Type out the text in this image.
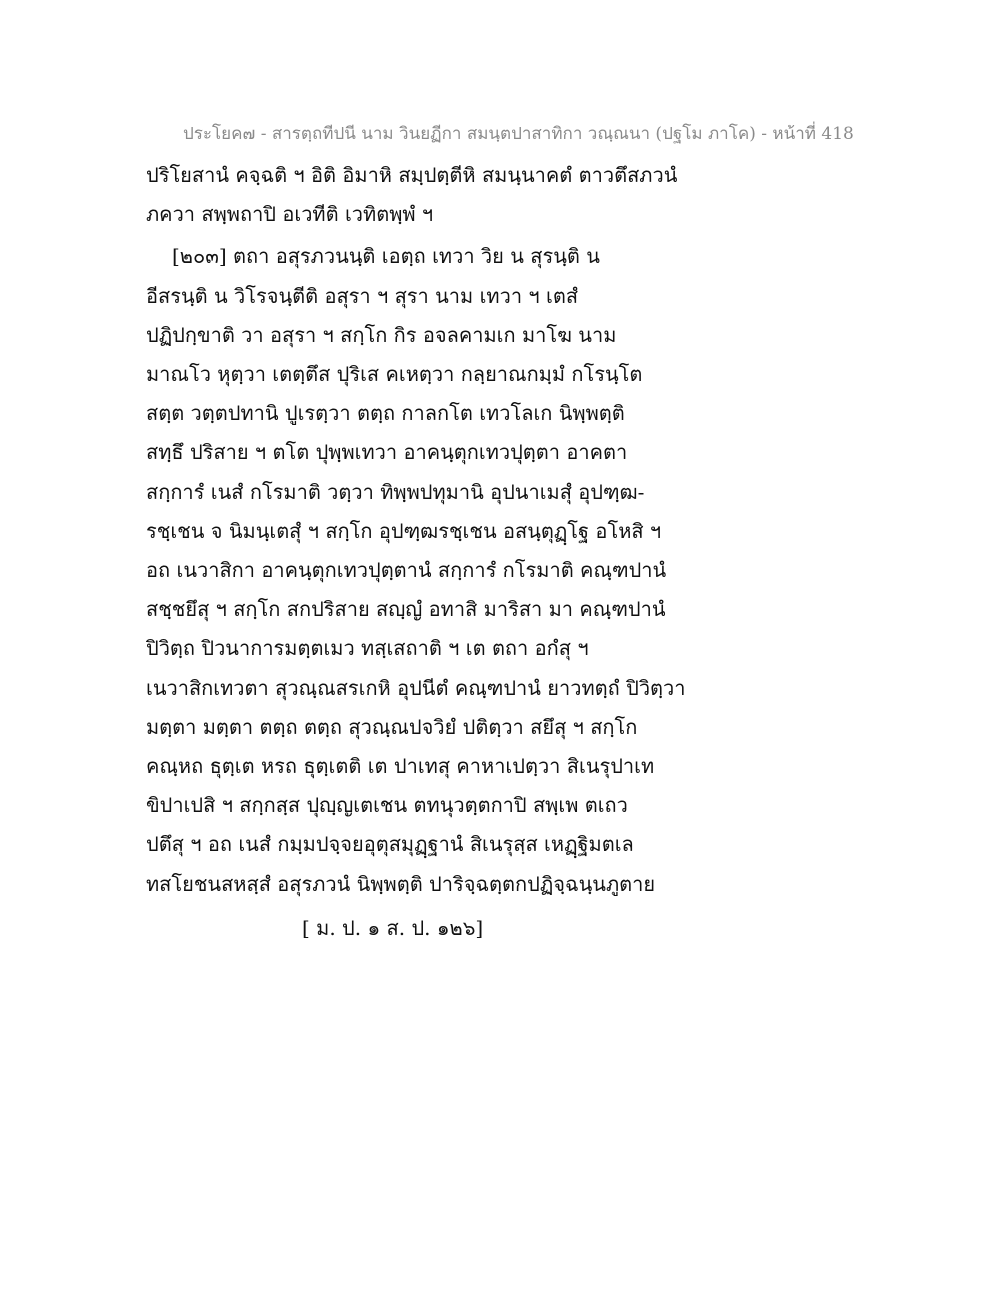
ประโยค๗ - สารตฺถทีปนี นาม วินยฏีกา สมนฺตปาสาทิกา วณฺณนา (ปฐโม ภาโค) - หน้าที่ 418
ปริโยสานํ คจฺฉติ ฯ อิติ อิมาหิ สมฺปตฺตีหิ สมนฺนาคตํ ตาวตึสภวนํ
ภควา สพฺพถาปิ อเวทีติ เวทิตพฺพํ ฯ
[๒๐๓] ตถา อสุรภวนนฺติ เอตฺถ เทวา วิย น สุรนฺติ น
อีสรนฺติ น วิโรจนฺตีติ อสุรา ฯ สุรา นาม เทวา ฯ เตสํ
ปฏิปกฺขาติ วา อสุรา ฯ สกฺโก กิร อจลคามเก มาโฆ นาม
มาณโว หุตฺวา เตตฺตึส ปุริเส คเหตฺวา กลฺยาณกมฺมํ กโรนฺโต
สตฺต วตฺตปทานิ ปูเรตฺวา ตตฺถ กาลกโต เทวโลเก นิพฺพตฺติ
สทฺธึ ปริสาย ฯ ตโต ปุพฺพเทวา อาคนฺตุกเทวปุตฺตา อาคตา
สกฺการํ เนสํ กโรมาติ วตฺวา ทิพฺพปทุมานิ อุปนาเมสุํ อุปฑฺฒ-
รชฺเชน จ นิมนฺเตสุํ ฯ สกฺโก อุปฑฺฒรชฺเชน อสนฺตุฏฺโฐ อโหสิ ฯ
อถ เนวาสิกา อาคนฺตุกเทวปุตฺตานํ สกฺการํ กโรมาติ คณฺฑปานํ
สชฺชยึสุ ฯ สกฺโก สกปริสาย สญฺญํ อทาสิ มาริสา มา คณฺฑปานํ
ปิวิตฺถ ปิวนาการมตฺตเมว ทสฺเสถาติ ฯ เต ตถา อกํสุ ฯ
เนวาสิกเทวตา สุวณฺณสรเกหิ อุปนีตํ คณฺฑปานํ ยาวทตฺถํ ปิวิตฺวา
มตฺตา มตฺตา ตตฺถ ตตฺถ สุวณฺณปจวิยํ ปติตฺวา สยึสุ ฯ สกฺโก
คณฺหถ ธุตฺเต หรถ ธุตฺเตติ เต ปาเทสุ คาหาเปตฺวา สิเนรุปาเท
ขิปาเปสิ ฯ สกฺกสฺส ปุญฺญเตเชน ตทนุวตฺตกาปิ สพฺเพ ตเถว
ปตึสุ ฯ อถ เนสํ กมฺมปจฺจยอุตุสมุฏฺฐานํ สิเนรุสฺส เหฏฺฐิมตเล
ทสโยชนสหสฺสํ อสุรภวนํ นิพฺพตฺติ ปาริจฺฉตฺตกปฏิจฺฉนฺนภูตาย
[ ม. ป. ๑ ส. ป. ๑๒๖]
